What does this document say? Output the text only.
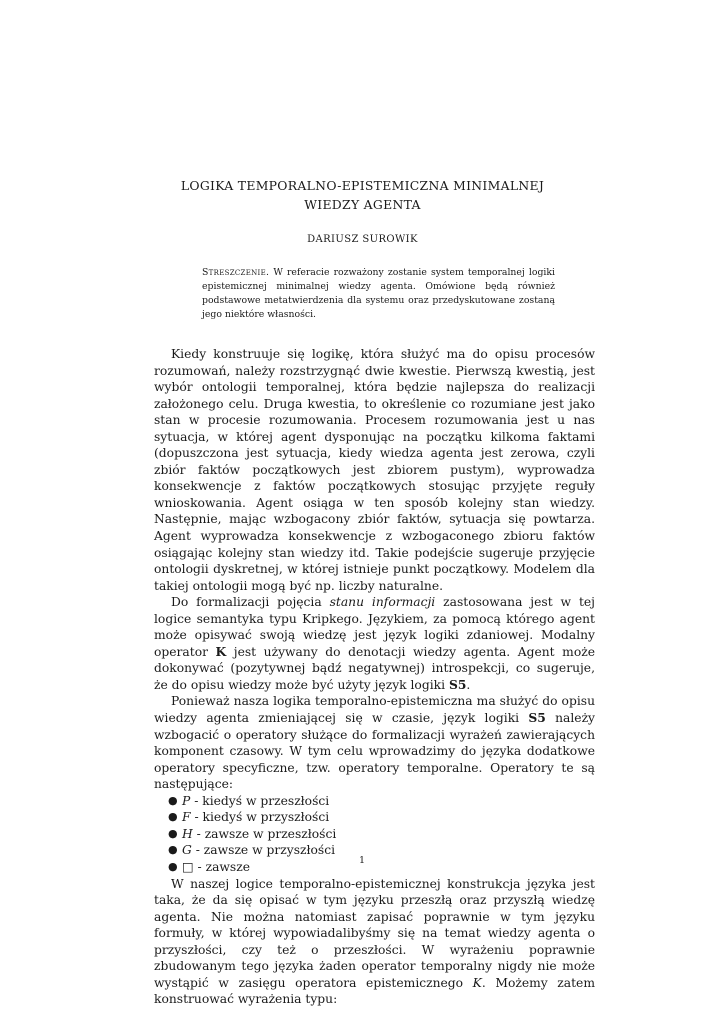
LOGIKA TEMPORALNO-EPISTEMICZNA MINIMALNEJ
WIEDZY AGENTA
DARIUSZ SUROWIK

Streszczenie. W referacie rozważony zostanie system temporalnej logiki epistemicznej minimalnej wiedzy agenta. Omówione będą również podstawowe metatwierdzenia dla systemu oraz przedyskutowane zostaną jego niektóre własności.

Kiedy konstruuje się logikę, która służyć ma do opisu procesów rozumowań, należy rozstrzygnąć dwie kwestie. Pierwszą kwestią, jest wybór ontologii temporalnej, która będzie najlepsza do realizacji założonego celu. Druga kwestia, to określenie co rozumiane jest jako stan w procesie rozumowania. Procesem rozumowania jest u nas sytuacja, w której agent dysponując na początku kilkoma faktami (dopuszczona jest sytuacja, kiedy wiedza agenta jest zerowa, czyli zbiór faktów początkowych jest zbiorem pustym), wyprowadza konsekwencje z faktów początkowych stosując przyjęte reguły wnioskowania. Agent osiąga w ten sposób kolejny stan wiedzy. Następnie, mając wzbogacony zbiór faktów, sytuacja się powtarza. Agent wyprowadza konsekwencje z wzbogaconego zbioru faktów osiągając kolejny stan wiedzy itd. Takie podejście sugeruje przyjęcie ontologii dyskretnej, w której istnieje punkt początkowy. Modelem dla takiej ontologii mogą być np. liczby naturalne.

Do formalizacji pojęcia stanu informacji zastosowana jest w tej logice semantyka typu Kripkego. Językiem, za pomocą którego agent może opisywać swoją wiedzę jest język logiki zdaniowej. Modalny operator K jest używany do denotacji wiedzy agenta. Agent może dokonywać (pozytywnej bądź negatywnej) introspekcji, co sugeruje, że do opisu wiedzy może być użyty język logiki S5.

Ponieważ nasza logika temporalno-epistemiczna ma służyć do opisu wiedzy agenta zmieniającej się w czasie, język logiki S5 należy wzbogacić o operatory służące do formalizacji wyrażeń zawierających komponent czasowy. W tym celu wprowadzimy do języka dodatkowe operatory specyficzne, tzw. operatory temporalne. Operatory te są następujące:

● P - kiedyś w przeszłości
● F - kiedyś w przyszłości
● H - zawsze w przeszłości
● G - zawsze w przyszłości
● □ - zawsze

W naszej logice temporalno-epistemicznej konstrukcja języka jest taka, że da się opisać w tym języku przeszłą oraz przyszłą wiedzę agenta. Nie można natomiast zapisać poprawnie w tym języku formuły, w której wypowiadalibyśmy się na temat wiedzy agenta o przyszłości, czy też o przeszłości. W wyrażeniu poprawnie zbudowanym tego języka żaden operator temporalny nigdy nie może wystąpić w zasięgu operatora epistemicznego K. Możemy zatem konstruować wyrażenia typu:

1
